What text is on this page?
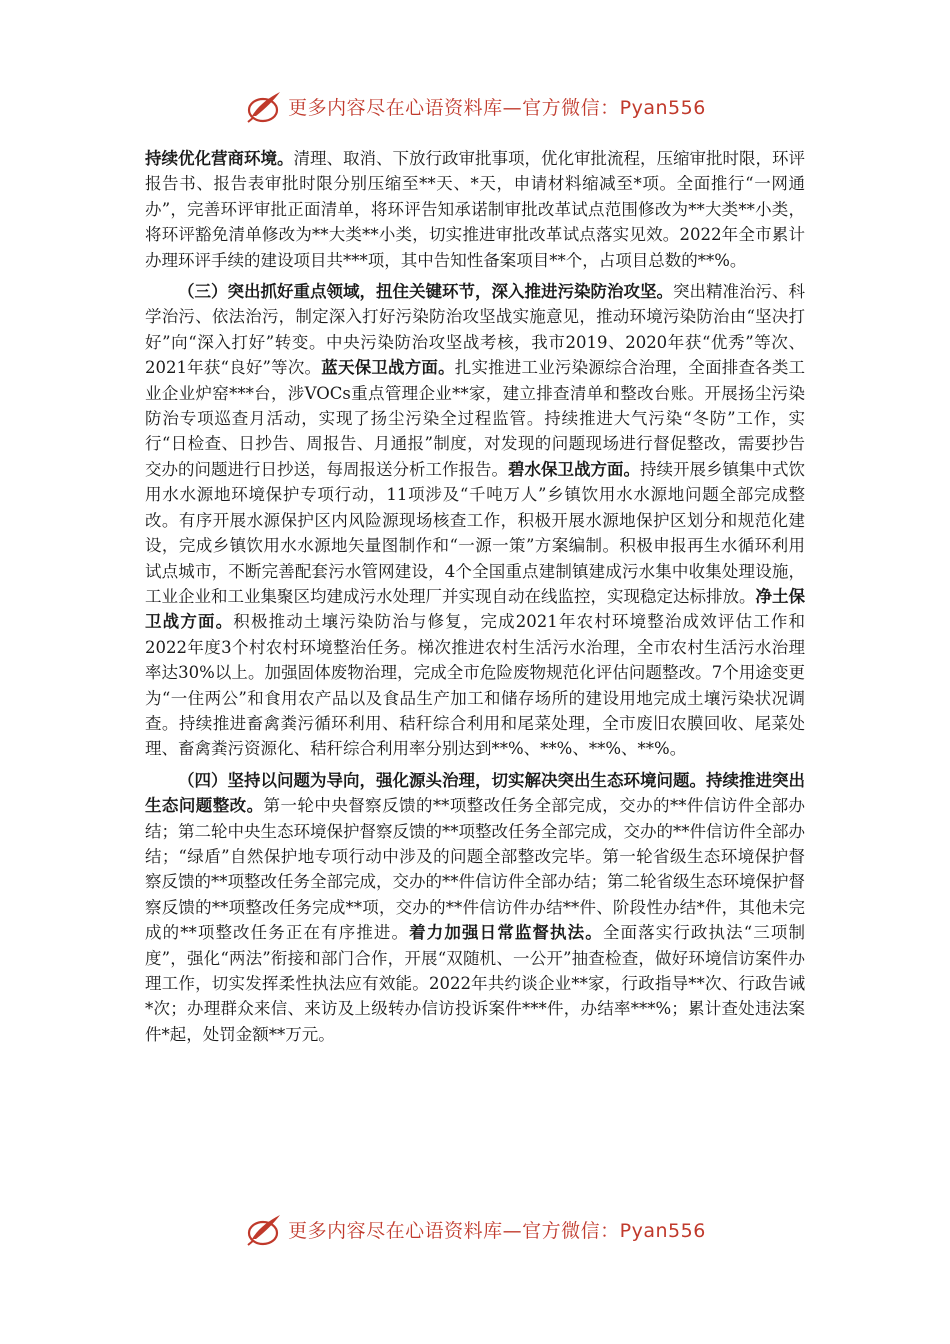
更多内容尽在心语资料库—官方微信：Pyan556

持续优化营商环境。清理、取消、下放行政审批事项，优化审批流程，压缩审批时限，环评报告书、报告表审批时限分别压缩至**天、*天，申请材料缩减至*项。全面推行“一网通办”，完善环评审批正面清单，将环评告知承诺制审批改革试点范围修改为**大类**小类，将环评豁免清单修改为**大类**小类，切实推进审批改革试点落实见效。2022年全市累计办理环评手续的建设项目共***项，其中告知性备案项目**个，占项目总数的**%。

（三）突出抓好重点领域，扭住关键环节，深入推进污染防治攻坚。突出精准治污、科学治污、依法治污，制定深入打好污染防治攻坚战实施意见，推动环境污染防治由“坚决打好”向“深入打好”转变。中央污染防治攻坚战考核，我市2019、2020年获“优秀”等次、2021年获“良好”等次。蓝天保卫战方面。扎实推进工业污染源综合治理，全面排查各类工业企业炉窑***台，涉VOCs重点管理企业**家，建立排查清单和整改台账。开展扬尘污染防治专项巡查月活动，实现了扬尘污染全过程监管。持续推进大气污染“冬防”工作，实行“日检查、日抄告、周报告、月通报”制度，对发现的问题现场进行督促整改，需要抄告交办的问题进行日抄送，每周报送分析工作报告。碧水保卫战方面。持续开展乡镇集中式饮用水水源地环境保护专项行动，11项涉及“千吨万人”乡镇饮用水水源地问题全部完成整改。有序开展水源保护区内风险源现场核查工作，积极开展水源地保护区划分和规范化建设，完成乡镇饮用水水源地矢量图制作和“一源一策”方案编制。积极申报再生水循环利用试点城市，不断完善配套污水管网建设，4个全国重点建制镇建成污水集中收集处理设施，工业企业和工业集聚区均建成污水处理厂并实现自动在线监控，实现稳定达标排放。净土保卫战方面。积极推动土壤污染防治与修复，完成2021年农村环境整治成效评估工作和2022年度3个村农村环境整治任务。梯次推进农村生活污水治理，全市农村生活污水治理率达30%以上。加强固体废物治理，完成全市危险废物规范化评估问题整改。7个用途变更为“一住两公”和食用农产品以及食品生产加工和储存场所的建设用地完成土壤污染状况调查。持续推进畜禽粪污循环利用、秸秆综合利用和尾菜处理，全市废旧农膜回收、尾菜处理、畜禽粪污资源化、秸秆综合利用率分别达到**%、**%、**%、**%。

（四）坚持以问题为导向，强化源头治理，切实解决突出生态环境问题。持续推进突出生态问题整改。第一轮中央督察反馈的**项整改任务全部完成，交办的**件信访件全部办结；第二轮中央生态环境保护督察反馈的**项整改任务全部完成，交办的**件信访件全部办结；“绿盾”自然保护地专项行动中涉及的问题全部整改完毕。第一轮省级生态环境保护督察反馈的**项整改任务全部完成，交办的**件信访件全部办结；第二轮省级生态环境保护督察反馈的**项整改任务完成**项，交办的**件信访件办结**件、阶段性办结*件，其他未完成的**项整改任务正在有序推进。着力加强日常监督执法。全面落实行政执法“三项制度”，强化“两法”衔接和部门合作，开展“双随机、一公开”抽查检查，做好环境信访案件办理工作，切实发挥柔性执法应有效能。2022年共约谈企业**家，行政指导**次、行政告诫*次；办理群众来信、来访及上级转办信访投诉案件***件，办结率***%；累计查处违法案件*起，处罚金额**万元。

更多内容尽在心语资料库—官方微信：Pyan556
